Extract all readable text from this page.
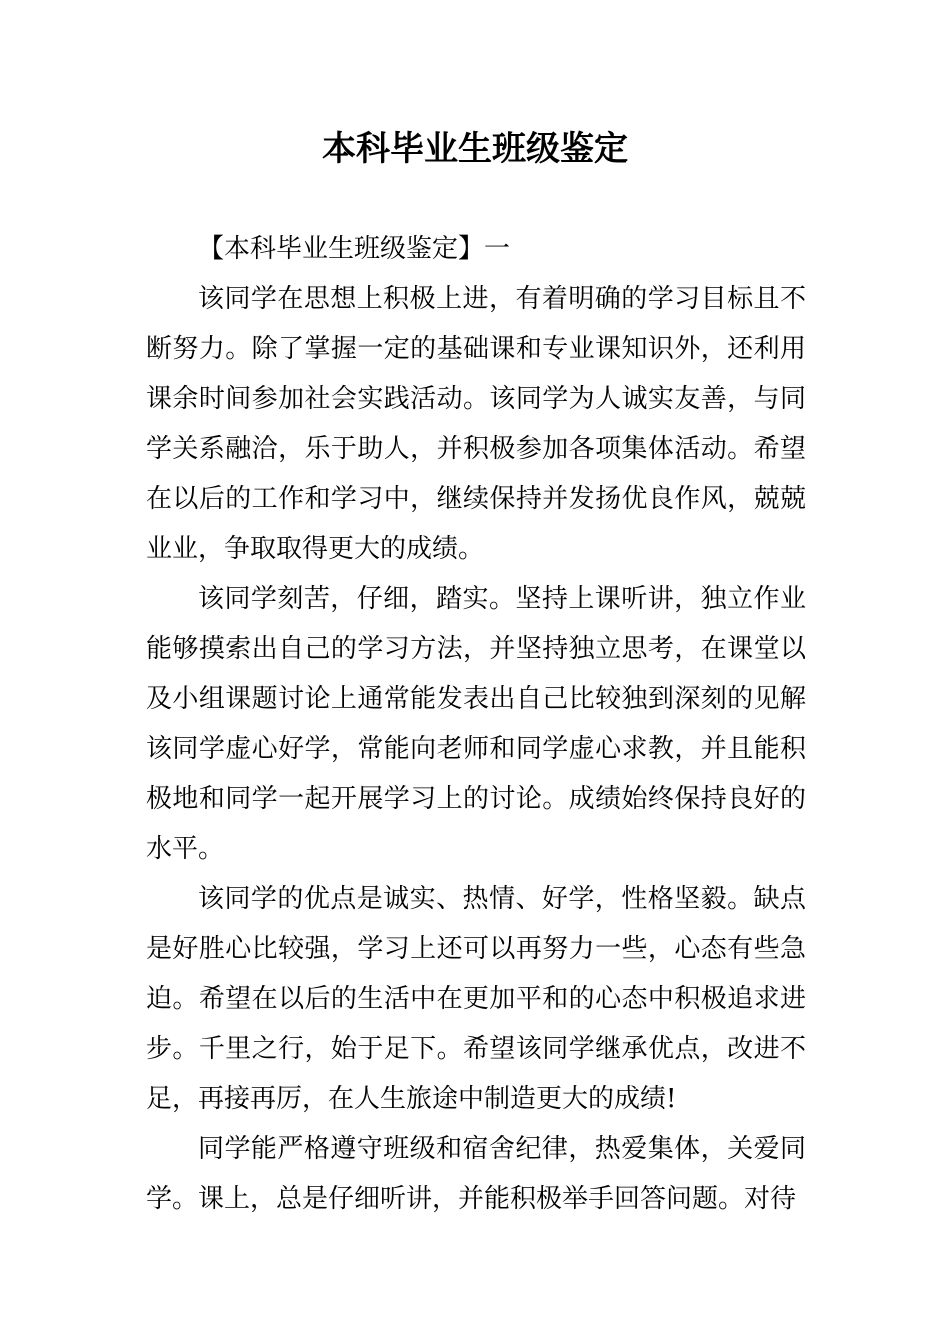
本科毕业生班级鉴定

【本科毕业生班级鉴定】一

该同学在思想上积极上进，有着明确的学习目标且不断努力。除了掌握一定的基础课和专业课知识外，还利用课余时间参加社会实践活动。该同学为人诚实友善，与同学关系融洽，乐于助人，并积极参加各项集体活动。希望在以后的工作和学习中，继续保持并发扬优良作风，兢兢业业，争取取得更大的成绩。

该同学刻苦，仔细，踏实。坚持上课听讲，独立作业能够摸索出自己的学习方法，并坚持独立思考，在课堂以及小组课题讨论上通常能发表出自己比较独到深刻的见解该同学虚心好学，常能向老师和同学虚心求教，并且能积极地和同学一起开展学习上的讨论。成绩始终保持良好的水平。

该同学的优点是诚实、热情、好学，性格坚毅。缺点是好胜心比较强，学习上还可以再努力一些，心态有些急迫。希望在以后的生活中在更加平和的心态中积极追求进步。千里之行，始于足下。希望该同学继承优点，改进不足，再接再厉，在人生旅途中制造更大的成绩!

同学能严格遵守班级和宿舍纪律，热爱集体，关爱同学。课上，总是仔细听讲，并能积极举手回答问题。对待
